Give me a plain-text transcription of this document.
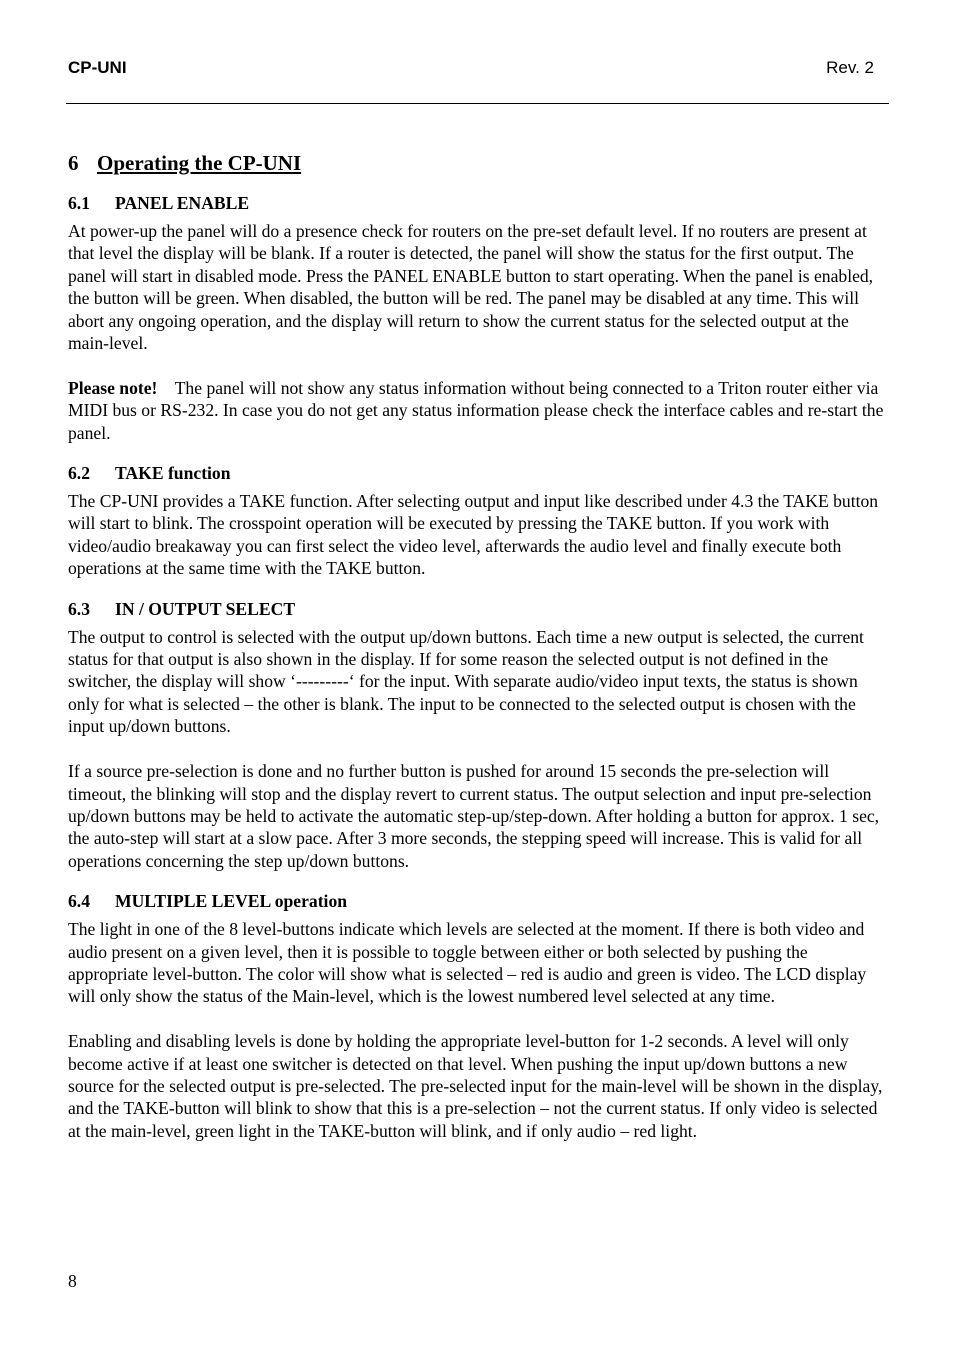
CP-UNI	Rev. 2
6 Operating the CP-UNI
6.1 PANEL ENABLE

At power-up the panel will do a presence check for routers on the pre-set default level. If no routers are present at that level the display will be blank. If a router is detected, the panel will show the status for the first output. The panel will start in disabled mode. Press the PANEL ENABLE button to start operating. When the panel is enabled, the button will be green. When disabled, the button will be red. The panel may be disabled at any time. This will abort any ongoing operation, and the display will return to show the current status for the selected output at the main-level.

Please note! The panel will not show any status information without being connected to a Triton router either via MIDI bus or RS-232. In case you do not get any status information please check the interface cables and re-start the panel.

6.2 TAKE function

The CP-UNI provides a TAKE function. After selecting output and input like described under 4.3 the TAKE button will start to blink. The crosspoint operation will be executed by pressing the TAKE button. If you work with video/audio breakaway you can first select the video level, afterwards the audio level and finally execute both operations at the same time with the TAKE button.

6.3 IN / OUTPUT SELECT

The output to control is selected with the output up/down buttons. Each time a new output is selected, the current status for that output is also shown in the display. If for some reason the selected output is not defined in the switcher, the display will show ‘---------‘ for the input. With separate audio/video input texts, the status is shown only for what is selected – the other is blank. The input to be connected to the selected output is chosen with the input up/down buttons.

If a source pre-selection is done and no further button is pushed for around 15 seconds the pre-selection will timeout, the blinking will stop and the display revert to current status. The output selection and input pre-selection up/down buttons may be held to activate the automatic step-up/step-down. After holding a button for approx. 1 sec, the auto-step will start at a slow pace. After 3 more seconds, the stepping speed will increase. This is valid for all operations concerning the step up/down buttons.

6.4 MULTIPLE LEVEL operation

The light in one of the 8 level-buttons indicate which levels are selected at the moment. If there is both video and audio present on a given level, then it is possible to toggle between either or both selected by pushing the appropriate level-button. The color will show what is selected – red is audio and green is video. The LCD display will only show the status of the Main-level, which is the lowest numbered level selected at any time.

Enabling and disabling levels is done by holding the appropriate level-button for 1-2 seconds. A level will only become active if at least one switcher is detected on that level. When pushing the input up/down buttons a new source for the selected output is pre-selected. The pre-selected input for the main-level will be shown in the display, and the TAKE-button will blink to show that this is a pre-selection – not the current status. If only video is selected at the main-level, green light in the TAKE-button will blink, and if only audio – red light.

8
